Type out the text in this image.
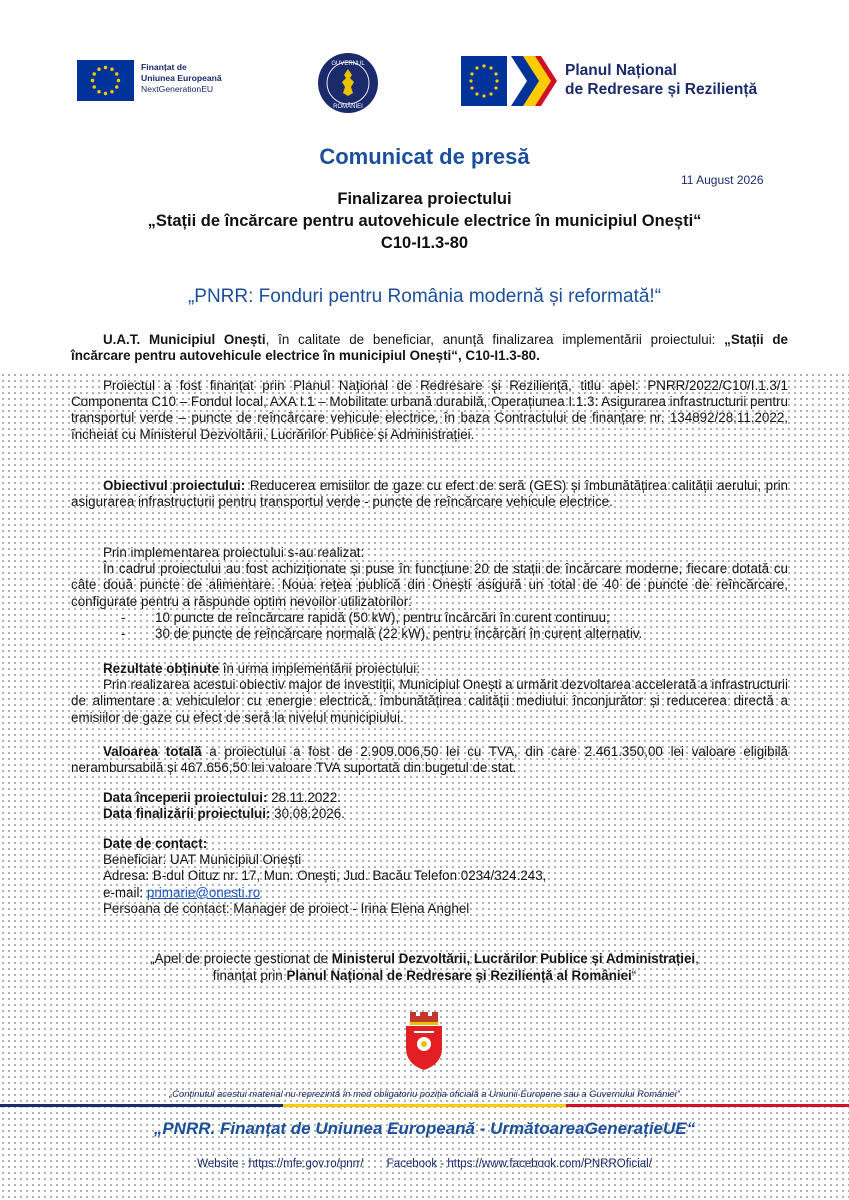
Finanțat de
Uniunea Europeană
NextGenerationEU
GUVERNUL
ROMÂNIEI
Planul Național
de Redresare și Reziliență
Comunicat de presă
11 August 2026
Finalizarea proiectului
„Stații de încărcare pentru autovehicule electrice în municipiul Onești“
C10-I1.3-80
„PNRR: Fonduri pentru România modernă și reformată!“

U.A.T. Municipiul Onești, în calitate de beneficiar, anunță finalizarea implementării proiectului: „Stații de încărcare pentru autovehicule electrice în municipiul Onești“, C10-I1.3-80.

Proiectul a fost finanțat prin Planul Național de Redresare și Reziliență, titlu apel: PNRR/2022/C10/I.1.3/1 Componenta C10 – Fondul local, AXA I.1 – Mobilitate urbană durabilă, Operațiunea I.1.3: Asigurarea infrastructurii pentru transportul verde – puncte de reîncărcare vehicule electrice, în baza Contractului de finanțare nr. 134892/28.11.2022, încheiat cu Ministerul Dezvoltării, Lucrărilor Publice și Administrației.

Obiectivul proiectului: Reducerea emisiilor de gaze cu efect de seră (GES) și îmbunătățirea calității aerului, prin asigurarea infrastructurii pentru transportul verde - puncte de reîncărcare vehicule electrice.

Prin implementarea proiectului s-au realizat:

În cadrul proiectului au fost achiziționate și puse în funcțiune 20 de stații de încărcare moderne, fiecare dotată cu câte două puncte de alimentare. Noua rețea publică din Onești asigură un total de 40 de puncte de reîncărcare, configurate pentru a răspunde optim nevoilor utilizatorilor:

- 10 puncte de reîncărcare rapidă (50 kW), pentru încărcări în curent continuu;

- 30 de puncte de reîncărcare normală (22 kW), pentru încărcări în curent alternativ.

Rezultate obținute în urma implementării proiectului:

Prin realizarea acestui obiectiv major de investiții, Municipiul Onești a urmărit dezvoltarea accelerată a infrastructurii de alimentare a vehiculelor cu energie electrică, îmbunătățirea calității mediului înconjurător și reducerea directă a emisiilor de gaze cu efect de seră la nivelul municipiului.

Valoarea totală a proiectului a fost de 2.909.006,50 lei cu TVA, din care 2.461.350,00 lei valoare eligibilă nerambursabilă și 467.656,50 lei valoare TVA suportată din bugetul de stat.

Data începerii proiectului: 28.11.2022.

Data finalizării proiectului: 30.08.2026.

Date de contact:

Beneficiar: UAT Municipiul Onești

Adresa: B-dul Oituz nr. 17, Mun. Onești, Jud. Bacău Telefon 0234/324.243,

e-mail: primarie@onesti.ro

Persoana de contact: Manager de proiect - Irina Elena Anghel

„Apel de proiecte gestionat de Ministerul Dezvoltării, Lucrărilor Publice și Administrației,
finanțat prin Planul Național de Redresare și Reziliență al României“
„Conținutul acestui material nu reprezintă în mod obligatoriu poziția oficială a Uniunii Europene sau a Guvernului României”
„PNRR. Finanțat de Uniunea Europeană - UrmătoareaGenerațieUE“
Website - https://mfe.gov.ro/pnrr/ Facebook - https://www.facebook.com/PNRROficial/
